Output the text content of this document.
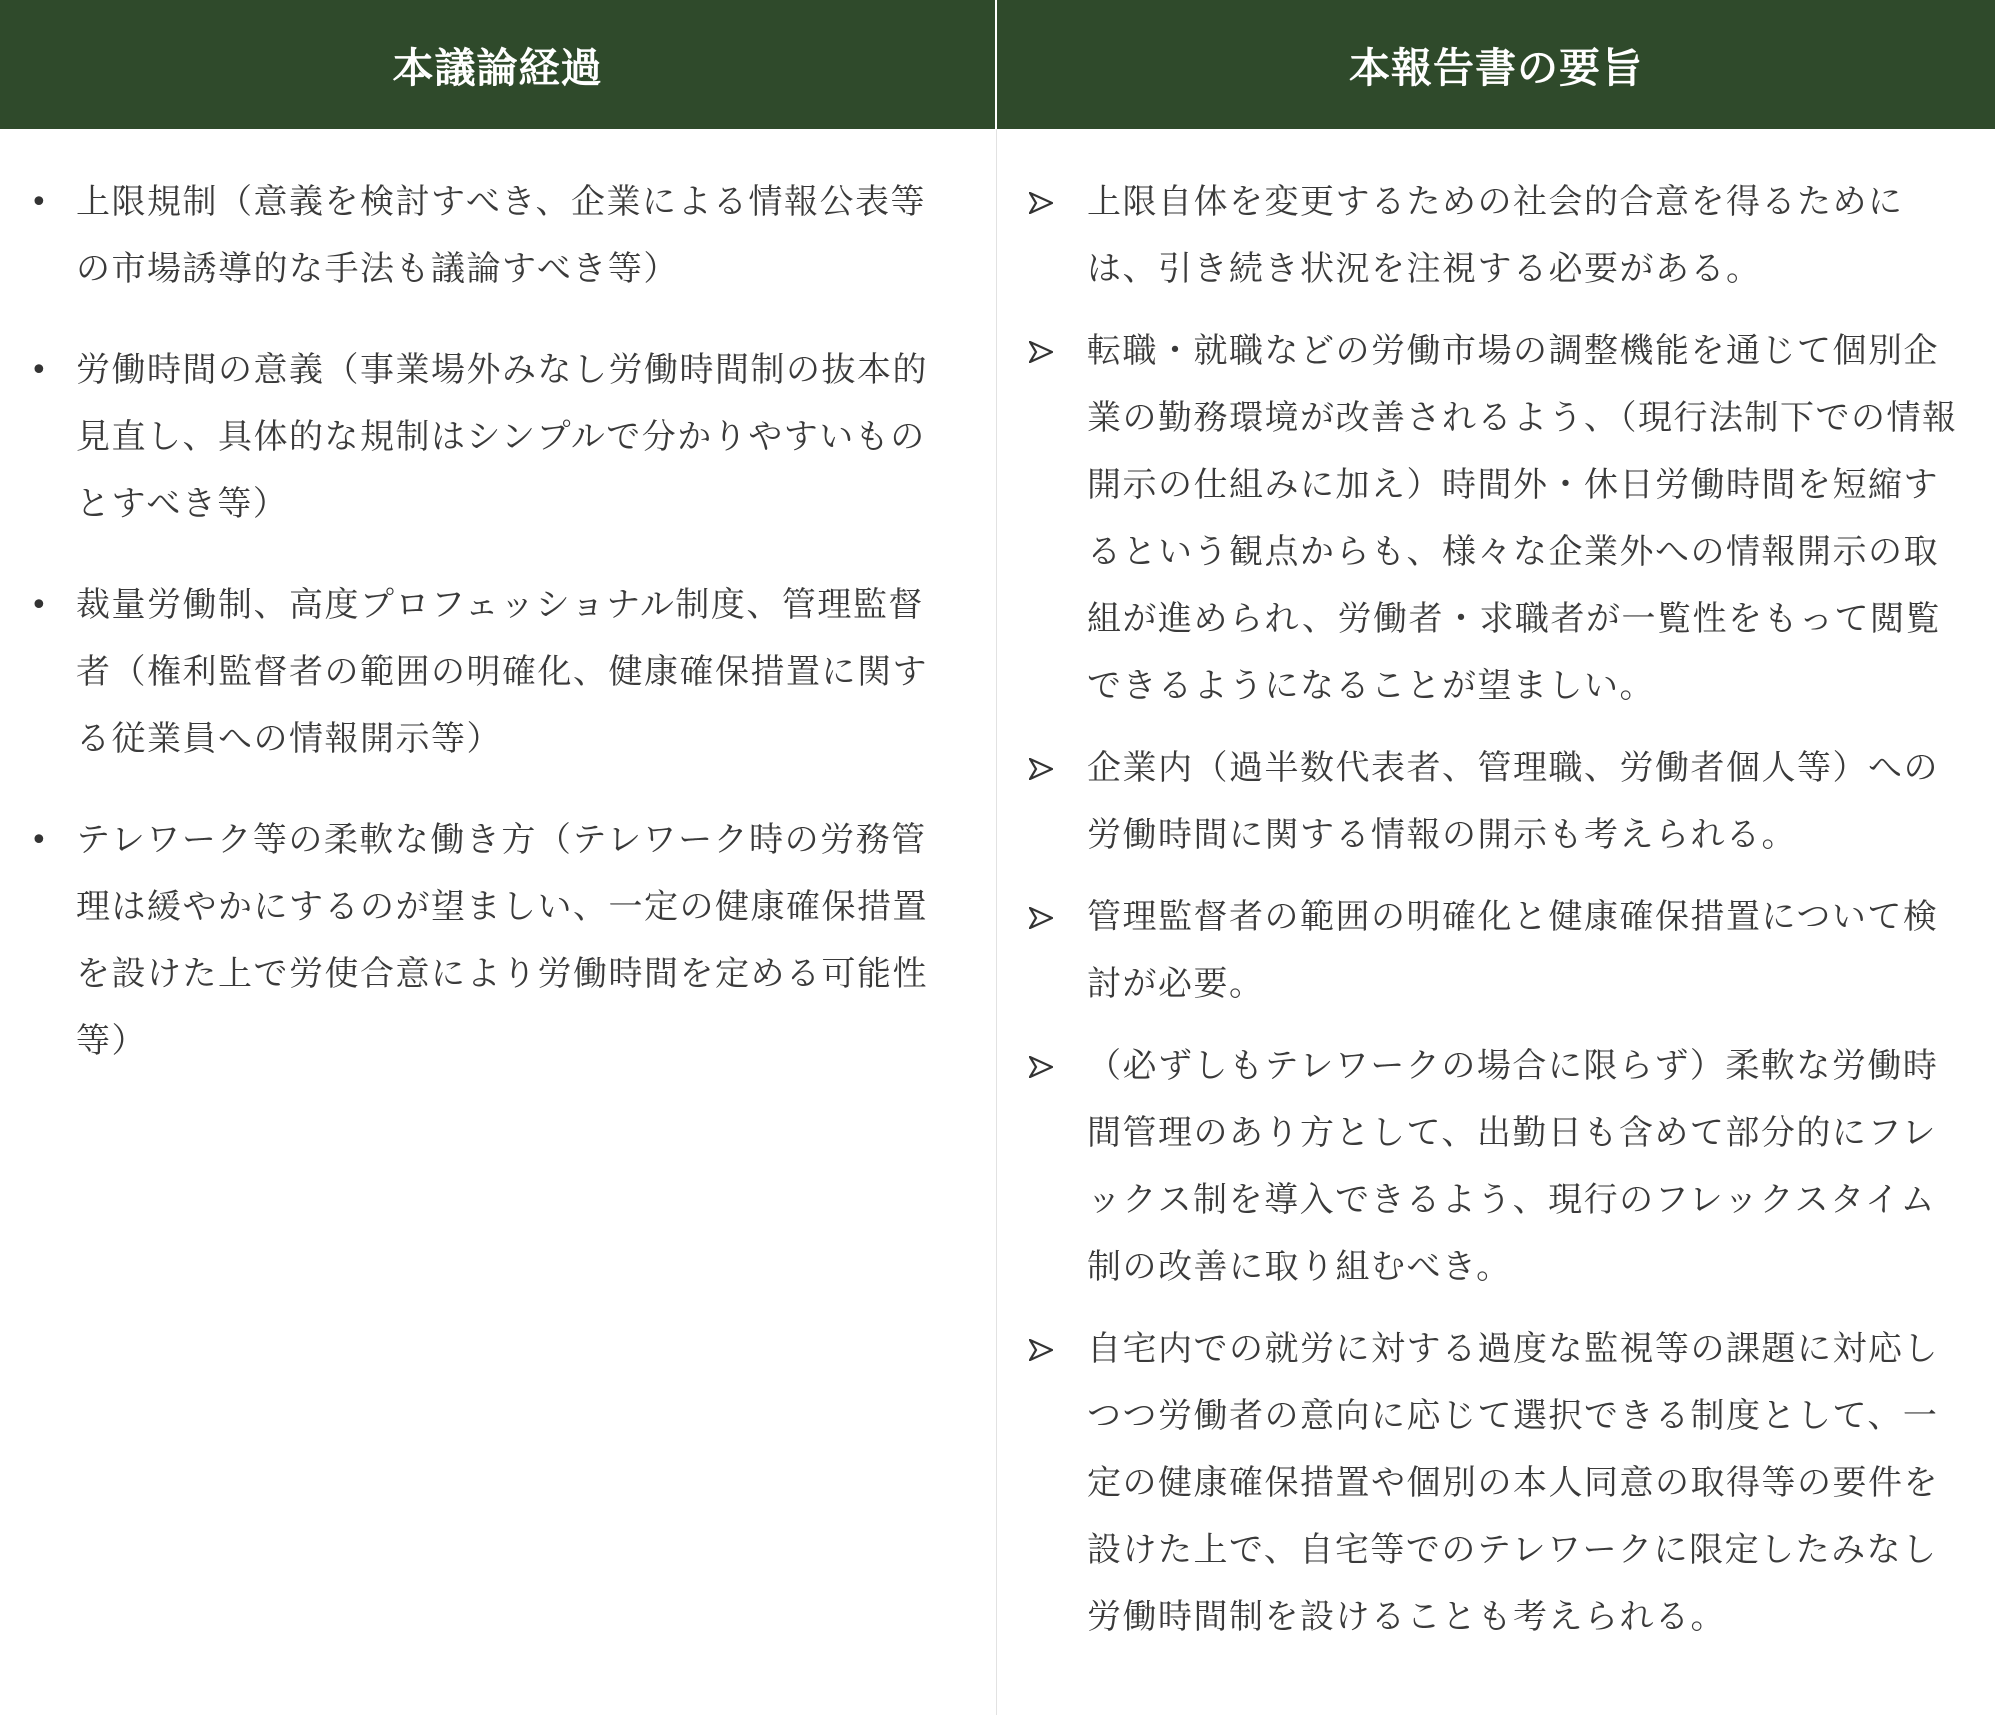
本議論経過	本報告書の要旨
• 上限規制（意義を検討すべき、企業による情報公表等の市場誘導的な手法も議論すべき等）
• 労働時間の意義（事業場外みなし労働時間制の抜本的見直し、具体的な規制はシンプルで分かりやすいものとすべき等）
• 裁量労働制、高度プロフェッショナル制度、管理監督者（権利監督者の範囲の明確化、健康確保措置に関する従業員への情報開示等）
• テレワーク等の柔軟な働き方（テレワーク時の労務管理は緩やかにするのが望ましい、一定の健康確保措置を設けた上で労使合意により労働時間を定める可能性等）
上限自体を変更するための社会的合意を得るためには、引き続き状況を注視する必要がある。
転職・就職などの労働市場の調整機能を通じて個別企業の勤務環境が改善されるよう、（現行法制下での情報開示の仕組みに加え）時間外・休日労働時間を短縮するという観点からも、様々な企業外への情報開示の取組が進められ、労働者・求職者が一覧性をもって閲覧できるようになることが望ましい。
企業内（過半数代表者、管理職、労働者個人等）への労働時間に関する情報の開示も考えられる。
管理監督者の範囲の明確化と健康確保措置について検討が必要。
（必ずしもテレワークの場合に限らず）柔軟な労働時間管理のあり方として、出勤日も含めて部分的にフレックス制を導入できるよう、現行のフレックスタイム制の改善に取り組むべき。
自宅内での就労に対する過度な監視等の課題に対応しつつ労働者の意向に応じて選択できる制度として、一定の健康確保措置や個別の本人同意の取得等の要件を設けた上で、自宅等でのテレワークに限定したみなし労働時間制を設けることも考えられる。
